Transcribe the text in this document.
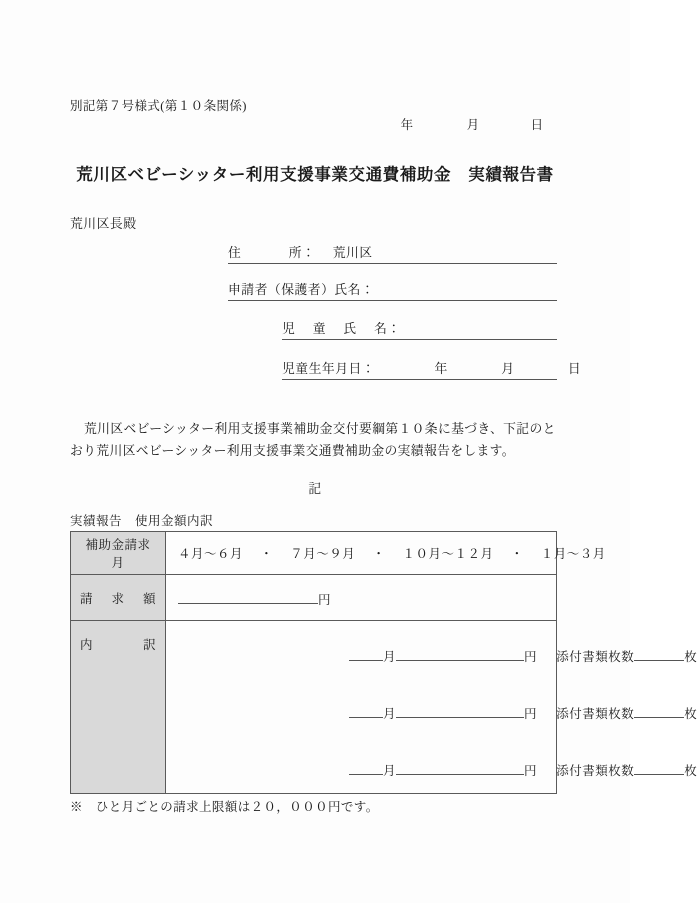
別記第７号様式(第１０条関係)
年	月	日
荒川区ベビーシッター利用支援事業交通費補助金　実績報告書
荒川区長殿
住	所： 荒川区
申請者（保護者）氏名：
児 童 氏 名：
児童生年月日：	年	月	日
荒川区ベビーシッター利用支援事業補助金交付要綱第１０条に基づき、下記のとおり荒川区ベビーシッター利用支援事業交通費補助金の実績報告をします。
記
実績報告　使用金額内訳
補助金請求月	４月～６月 ・ ７月～９月 ・ １０月～１２月 ・ １月～３月

請 求 額	円

内	訳

月	円 添付書類枚数	枚
月	円 添付書類枚数	枚
月	円 添付書類枚数	枚
※　ひと月ごとの請求上限額は２０，０００円です。
